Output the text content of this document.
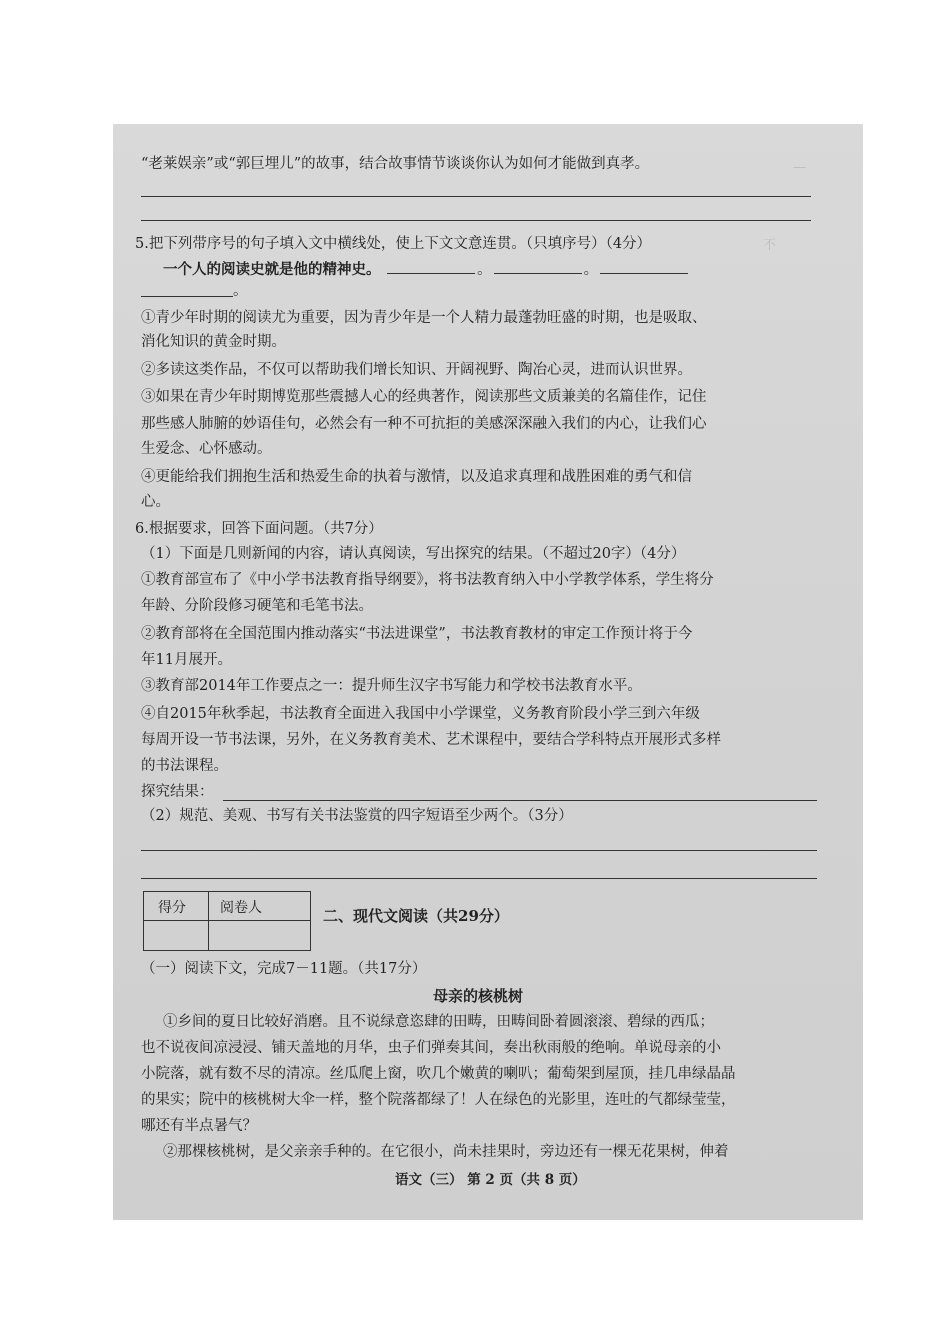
—
不
“老莱娱亲”或“郭巨埋儿”的故事，结合故事情节谈谈你认为如何才能做到真孝。
5.把下列带序号的句子填入文中横线处，使上下文文意连贯。（只填序号）（4分）
一个人的阅读史就是他的精神史。	。	。
。
①青少年时期的阅读尤为重要，因为青少年是一个人精力最蓬勃旺盛的时期，也是吸取、
消化知识的黄金时期。
②多读这类作品，不仅可以帮助我们增长知识、开阔视野、陶冶心灵，进而认识世界。
③如果在青少年时期博览那些震撼人心的经典著作，阅读那些文质兼美的名篇佳作，记住
那些感人肺腑的妙语佳句，必然会有一种不可抗拒的美感深深融入我们的内心，让我们心
生爱念、心怀感动。
④更能给我们拥抱生活和热爱生命的执着与激情，以及追求真理和战胜困难的勇气和信
心。
6.根据要求，回答下面问题。（共7分）
（1）下面是几则新闻的内容，请认真阅读，写出探究的结果。（不超过20字）（4分）
①教育部宣布了《中小学书法教育指导纲要》，将书法教育纳入中小学教学体系，学生将分
年龄、分阶段修习硬笔和毛笔书法。
②教育部将在全国范围内推动落实“书法进课堂”，书法教育教材的审定工作预计将于今
年11月展开。
③教育部2014年工作要点之一：提升师生汉字书写能力和学校书法教育水平。
④自2015年秋季起，书法教育全面进入我国中小学课堂，义务教育阶段小学三到六年级
每周开设一节书法课，另外，在义务教育美术、艺术课程中，要结合学科特点开展形式多样
的书法课程。
探究结果：
（2）规范、美观、书写有关书法鉴赏的四字短语至少两个。（3分）
得分 阅卷人	二、现代文阅读（共29分）
（一）阅读下文，完成7－11题。（共17分）
母亲的核桃树
①乡间的夏日比较好消磨。且不说绿意恣肆的田畴，田畴间卧着圆滚滚、碧绿的西瓜；
也不说夜间凉浸浸、铺天盖地的月华，虫子们弹奏其间，奏出秋雨般的绝响。单说母亲的小
小院落，就有数不尽的清凉。丝瓜爬上窗，吹几个嫩黄的喇叭；葡萄架到屋顶，挂几串绿晶晶
的果实；院中的核桃树大伞一样，整个院落都绿了！人在绿色的光影里，连吐的气都绿莹莹，
哪还有半点暑气？
②那棵核桃树，是父亲亲手种的。在它很小，尚未挂果时，旁边还有一棵无花果树，伸着
语文（三） 第 2 页（共 8 页）
